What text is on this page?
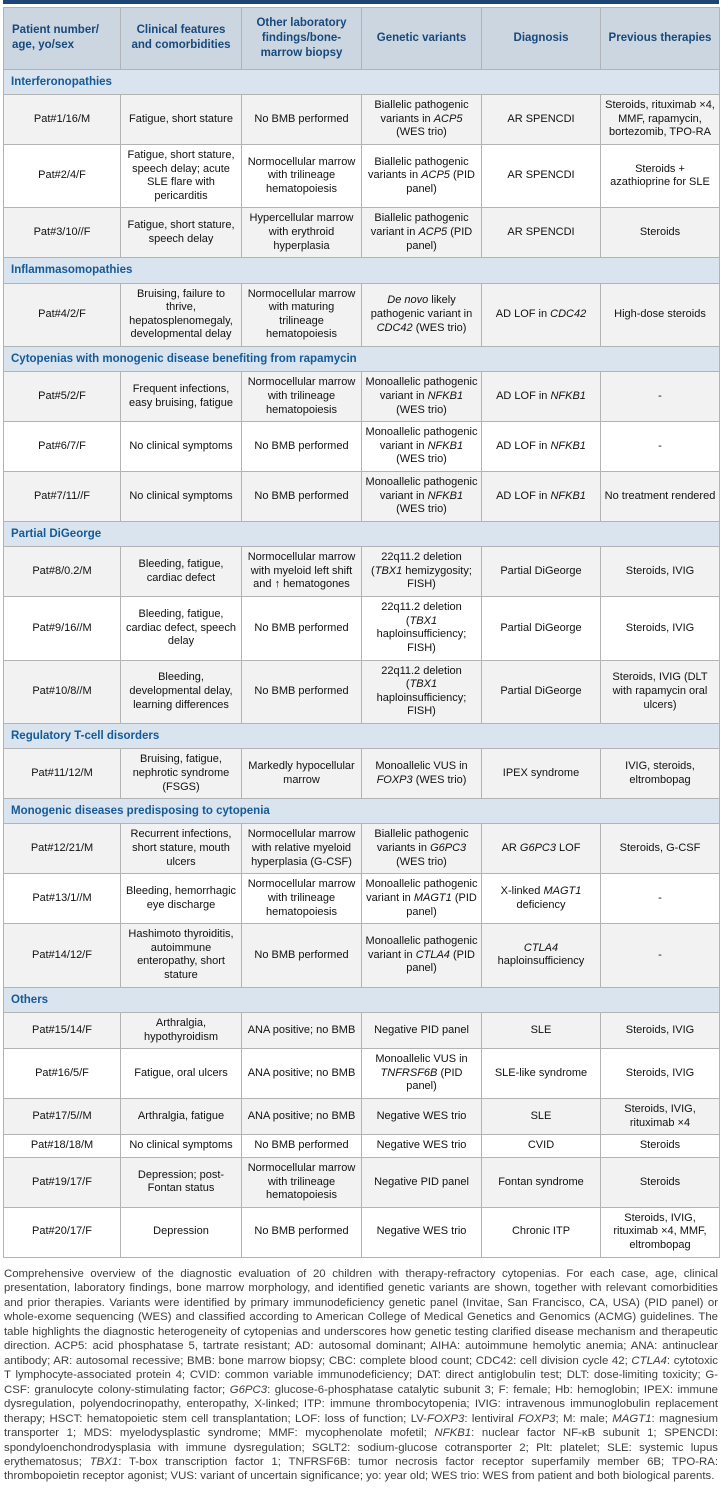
Patient number/ age, yo/sex	Clinical features and comorbidities	Other laboratory findings/bone-marrow biopsy	Genetic variants	Diagnosis	Previous therapies
Interferonopathies					
Pat#1/16/M	Fatigue, short stature	No BMB performed	Biallelic pathogenic variants in ACP5 (WES trio)	AR SPENCDI	Steroids, rituximab ×4, MMF, rapamycin, bortezomib, TPO-RA
Pat#2/4/F	Fatigue, short stature, speech delay; acute SLE flare with pericarditis	Normocellular marrow with trilineage hematopoiesis	Biallelic pathogenic variants in ACP5 (PID panel)	AR SPENCDI	Steroids + azathioprine for SLE
Pat#3/10//F	Fatigue, short stature, speech delay	Hypercellular marrow with erythroid hyperplasia	Biallelic pathogenic variant in ACP5 (PID panel)	AR SPENCDI	Steroids
Inflammasomopathies					
Pat#4/2/F	Bruising, failure to thrive, hepatosplenomegaly, developmental delay	Normocellular marrow with maturing trilineage hematopoiesis	De novo likely pathogenic variant in CDC42 (WES trio)	AD LOF in CDC42	High-dose steroids
Cytopenias with monogenic disease benefiting from rapamycin					
Pat#5/2/F	Frequent infections, easy bruising, fatigue	Normocellular marrow with trilineage hematopoiesis	Monoallelic pathogenic variant in NFKB1 (WES trio)	AD LOF in NFKB1	-
Pat#6/7/F	No clinical symptoms	No BMB performed	Monoallelic pathogenic variant in NFKB1 (WES trio)	AD LOF in NFKB1	-
Pat#7/11//F	No clinical symptoms	No BMB performed	Monoallelic pathogenic variant in NFKB1 (WES trio)	AD LOF in NFKB1	No treatment rendered
Partial DiGeorge					
Pat#8/0.2/M	Bleeding, fatigue, cardiac defect	Normocellular marrow with myeloid left shift and ↑ hematogones	22q11.2 deletion (TBX1 hemizygosity; FISH)	Partial DiGeorge	Steroids, IVIG
Pat#9/16//M	Bleeding, fatigue, cardiac defect, speech delay	No BMB performed	22q11.2 deletion (TBX1 haploinsufficiency; FISH)	Partial DiGeorge	Steroids, IVIG
Pat#10/8//M	Bleeding, developmental delay, learning differences	No BMB performed	22q11.2 deletion (TBX1 haploinsufficiency; FISH)	Partial DiGeorge	Steroids, IVIG (DLT with rapamycin oral ulcers)
Regulatory T-cell disorders					
Pat#11/12/M	Bruising, fatigue, nephrotic syndrome (FSGS)	Markedly hypocellular marrow	Monoallelic VUS in FOXP3 (WES trio)	IPEX syndrome	IVIG, steroids, eltrombopag
Monogenic diseases predisposing to cytopenia					
Pat#12/21/M	Recurrent infections, short stature, mouth ulcers	Normocellular marrow with relative myeloid hyperplasia (G-CSF)	Biallelic pathogenic variants in G6PC3 (WES trio)	AR G6PC3 LOF	Steroids, G-CSF
Pat#13/1//M	Bleeding, hemorrhagic eye discharge	Normocellular marrow with trilineage hematopoiesis	Monoallelic pathogenic variant in MAGT1 (PID panel)	X-linked MAGT1 deficiency	-
Pat#14/12/F	Hashimoto thyroiditis, autoimmune enteropathy, short stature	No BMB performed	Monoallelic pathogenic variant in CTLA4 (PID panel)	CTLA4 haploinsufficiency	-
Others					
Pat#15/14/F	Arthralgia, hypothyroidism	ANA positive; no BMB	Negative PID panel	SLE	Steroids, IVIG
Pat#16/5/F	Fatigue, oral ulcers	ANA positive; no BMB	Monoallelic VUS in TNFRSF6B (PID panel)	SLE-like syndrome	Steroids, IVIG
Pat#17/5//M	Arthralgia, fatigue	ANA positive; no BMB	Negative WES trio	SLE	Steroids, IVIG, rituximab ×4
Pat#18/18/M	No clinical symptoms	No BMB performed	Negative WES trio	CVID	Steroids
Pat#19/17/F	Depression; post-Fontan status	Normocellular marrow with trilineage hematopoiesis	Negative PID panel	Fontan syndrome	Steroids
Pat#20/17/F	Depression	No BMB performed	Negative WES trio	Chronic ITP	Steroids, IVIG, rituximab ×4, MMF, eltrombopag

Comprehensive overview of the diagnostic evaluation of 20 children with therapy-refractory cytopenias. For each case, age, clinical presentation, laboratory findings, bone marrow morphology, and identified genetic variants are shown, together with relevant comorbidities and prior therapies. Variants were identified by primary immunodeficiency genetic panel (Invitae, San Francisco, CA, USA) (PID panel) or whole-exome sequencing (WES) and classified according to American College of Medical Genetics and Genomics (ACMG) guidelines. The table highlights the diagnostic heterogeneity of cytopenias and underscores how genetic testing clarified disease mechanism and therapeutic direction. ACP5: acid phosphatase 5, tartrate resistant; AD: autosomal dominant; AIHA: autoimmune hemolytic anemia; ANA: antinuclear antibody; AR: autosomal recessive; BMB: bone marrow biopsy; CBC: complete blood count; CDC42: cell division cycle 42; CTLA4: cytotoxic T lymphocyte-associated protein 4; CVID: common variable immunodeficiency; DAT: direct antiglobulin test; DLT: dose-limiting toxicity; G-CSF: granulocyte colony-stimulating factor; G6PC3: glucose-6-phosphatase catalytic subunit 3; F: female; Hb: hemoglobin; IPEX: immune dysregulation, polyendocrinopathy, enteropathy, X-linked; ITP: immune thrombocytopenia; IVIG: intravenous immunoglobulin replacement therapy; HSCT: hematopoietic stem cell transplantation; LOF: loss of function; LV-FOXP3: lentiviral FOXP3; M: male; MAGT1: magnesium transporter 1; MDS: myelodysplastic syndrome; MMF: mycophenolate mofetil; NFKB1: nuclear factor NF-κB subunit 1; SPENCDI: spondyloenchondrodysplasia with immune dysregulation; SGLT2: sodium-glucose cotransporter 2; Plt: platelet; SLE: systemic lupus erythematosus; TBX1: T-box transcription factor 1; TNFRSF6B: tumor necrosis factor receptor superfamily member 6B; TPO-RA: thrombopoietin receptor agonist; VUS: variant of uncertain significance; yo: year old; WES trio: WES from patient and both biological parents.
